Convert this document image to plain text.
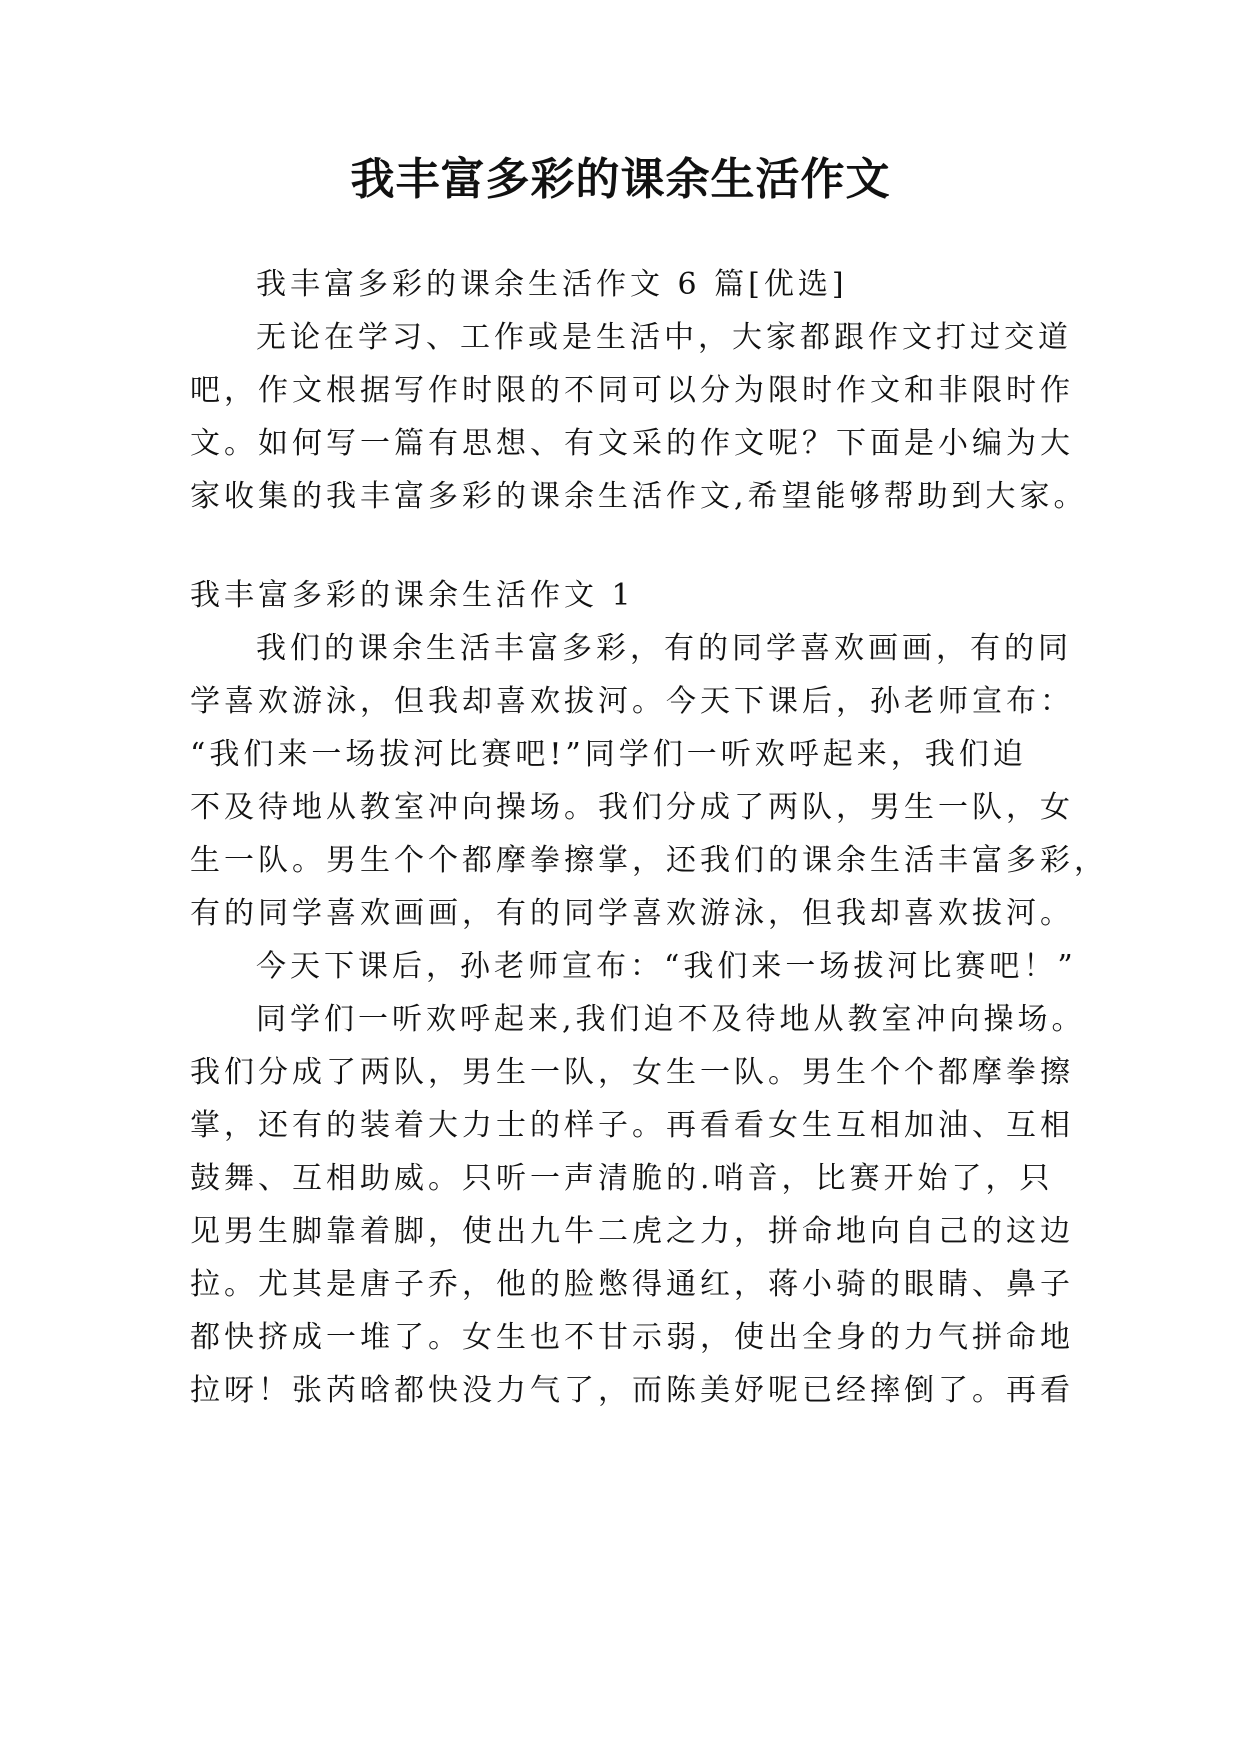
我丰富多彩的课余生活作文
我丰富多彩的课余生活作文 6 篇[优选]
无论在学习、工作或是生活中，大家都跟作文打过交道
吧，作文根据写作时限的不同可以分为限时作文和非限时作
文。如何写一篇有思想、有文采的作文呢？下面是小编为大
家收集的我丰富多彩的课余生活作文,希望能够帮助到大家。
我丰富多彩的课余生活作文 1
我们的课余生活丰富多彩，有的同学喜欢画画，有的同
学喜欢游泳，但我却喜欢拔河。今天下课后，孙老师宣布：
“我们来一场拔河比赛吧!”同学们一听欢呼起来，我们迫
不及待地从教室冲向操场。我们分成了两队，男生一队，女
生一队。男生个个都摩拳擦掌，还我们的课余生活丰富多彩，
有的同学喜欢画画，有的同学喜欢游泳，但我却喜欢拔河。
今天下课后，孙老师宣布：“我们来一场拔河比赛吧！”
同学们一听欢呼起来,我们迫不及待地从教室冲向操场。
我们分成了两队，男生一队，女生一队。男生个个都摩拳擦
掌，还有的装着大力士的样子。再看看女生互相加油、互相
鼓舞、互相助威。只听一声清脆的.哨音，比赛开始了，只
见男生脚靠着脚，使出九牛二虎之力，拼命地向自己的这边
拉。尤其是唐子乔，他的脸憋得通红，蒋小骑的眼睛、鼻子
都快挤成一堆了。女生也不甘示弱，使出全身的力气拼命地
拉呀！张芮晗都快没力气了，而陈美妤呢已经摔倒了。再看
